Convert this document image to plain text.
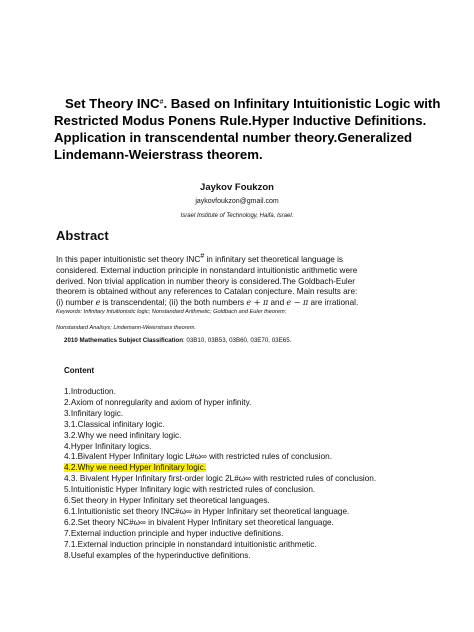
Set Theory INC#. Based on Infinitary Intuitionistic Logic with
Restricted Modus Ponens Rule.Hyper Inductive Definitions.
Application in transcendental number theory.Generalized
Lindemann-Weierstrass theorem.
Jaykov Foukzon
jaykovfoukzon@gmail.com
Israel Institute of Technology, Haifa, Israel.
Abstract

In this paper intuitionistic set theory INC# in infinitary set theoretical language is

considered. External induction principle in nonstandard intuitionistic arithmetic were

derived. Non trivial application in number theory is considered.The Goldbach-Euler

theorem is obtained without any references to Catalan conjecture. Main results are:

(i) number e is transcendental; (ii) the both numbers e + π and e − π are irrational.

Keywords: Infinitary Intuitionistic logic; Nonstandard Arithmetic; Goldbach and Euler theorem;
Nonstandard Analisys; Lindemann-Weierstrass theorem.
2010 Mathematics Subject Classification: 03B10, 03B53, 03B60, 03E70, 03E65.
Content
1.Introduction.
2.Axiom of nonregularity and axiom of hyper infinity.
3.Infinitary logic.
3.1.Classical infinitary logic.
3.2.Why we need infinitary logic.
4.Hyper Infinitary logics.
4.1.Bivalent Hyper Infinitary logic L#ω∞ with restricted rules of conclusion.
4.2.Why we need Hyper Infinitary logic.
4.3. Bivalent Hyper Infinitary first-order logic 2L#ω∞ with restricted rules of conclusion.
5.Intuitionistic Hyper Infinitary logic with restricted rules of conclusion.
6.Set theory in Hyper Infinitary set theoretical languages.
6.1.Intuitionistic set theory INC#ω∞ in Hyper Infinitary set theoretical language.
6.2.Set theory NC#ω∞ in bivalent Hyper Infinitary set theoretical language.
7.External induction principle and hyper inductive definitions.
7.1.External induction principle in nonstandard intuitionistic arithmetic.
8.Useful examples of the hyperinductive definitions.
